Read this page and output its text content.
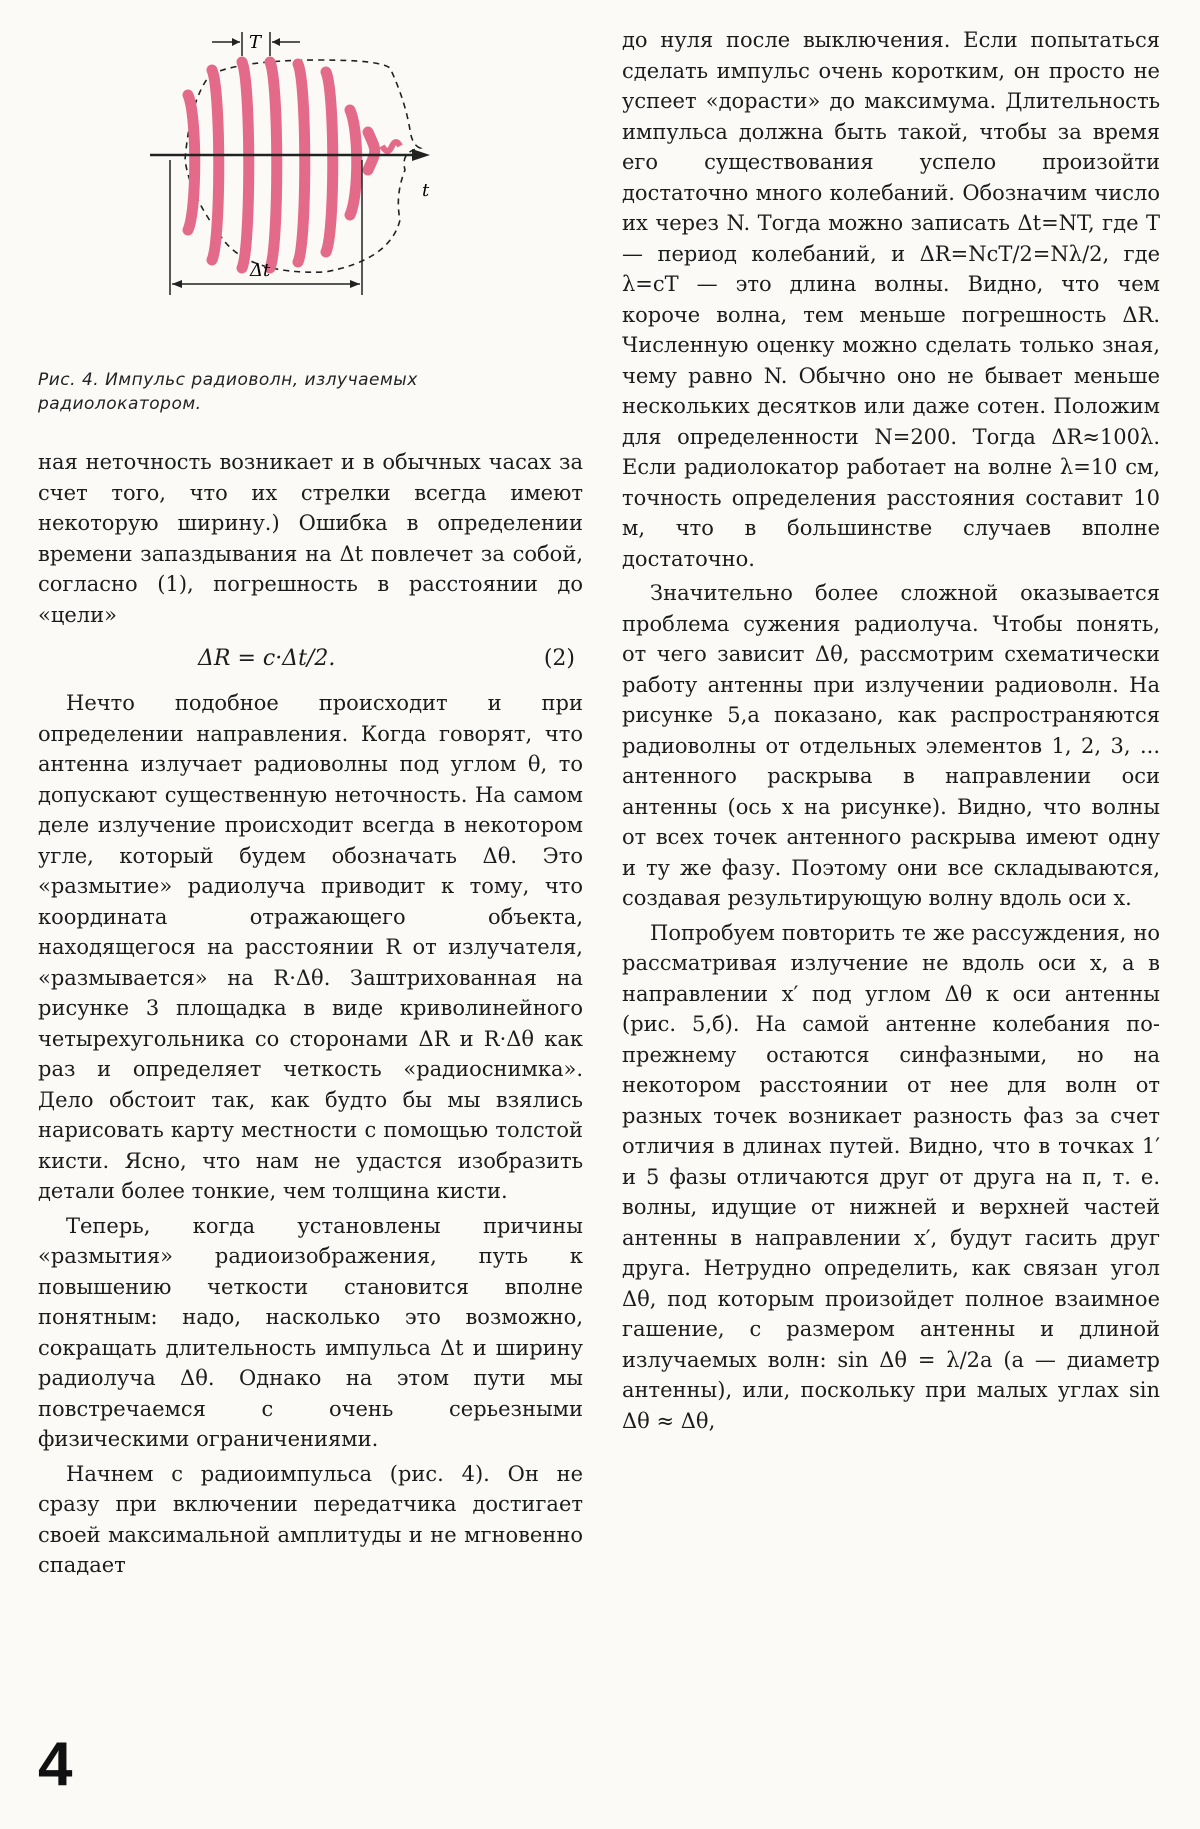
t
T
Δt
Рис. 4. Импульс радиоволн, излучаемых радиолокатором.

ная неточность возникает и в обычных часах за счет того, что их стрелки всегда имеют некоторую ширину.) Ошибка в определении времени запаздывания на Δt повлечет за собой, согласно (1), погрешность в расстоянии до «цели»

ΔR = c·Δt/2.	(2)

Нечто подобное происходит и при определении направления. Когда говорят, что антенна излучает радиоволны под углом θ, то допускают существенную неточность. На самом деле излучение происходит всегда в некотором угле, который будем обозначать Δθ. Это «размытие» радиолуча приводит к тому, что координата отражающего объекта, находящегося на расстоянии R от излучателя, «размывается» на R·Δθ. Заштрихованная на рисунке 3 площадка в виде криволинейного четырехугольника со сторонами ΔR и R·Δθ как раз и определяет четкость «радиоснимка». Дело обстоит так, как будто бы мы взялись нарисовать карту местности с помощью толстой кисти. Ясно, что нам не удастся изобразить детали более тонкие, чем толщина кисти.

Теперь, когда установлены причины «размытия» радиоизображения, путь к повышению четкости становится вполне понятным: надо, насколько это возможно, сокращать длительность импульса Δt и ширину радиолуча Δθ. Однако на этом пути мы повстречаемся с очень серьезными физическими ограничениями.

Начнем с радиоимпульса (рис. 4). Он не сразу при включении передатчика достигает своей максимальной амплитуды и не мгновенно спадает

до нуля после выключения. Если попытаться сделать импульс очень коротким, он просто не успеет «дорасти» до максимума. Длительность импульса должна быть такой, чтобы за время его существования успело произойти достаточно много колебаний. Обозначим число их через N. Тогда можно записать Δt=NT, где T — период колебаний, и ΔR=NcT/2=Nλ/2, где λ=cT — это длина волны. Видно, что чем короче волна, тем меньше погрешность ΔR. Численную оценку можно сделать только зная, чему равно N. Обычно оно не бывает меньше нескольких десятков или даже сотен. Положим для определенности N=200. Тогда ΔR≈100λ. Если радиолокатор работает на волне λ=10 см, точность определения расстояния составит 10 м, что в большинстве случаев вполне достаточно.

Значительно более сложной оказывается проблема сужения радиолуча. Чтобы понять, от чего зависит Δθ, рассмотрим схематически работу антенны при излучении радиоволн. На рисунке 5,а показано, как распространяются радиоволны от отдельных элементов 1, 2, 3, ... антенного раскрыва в направлении оси антенны (ось x на рисунке). Видно, что волны от всех точек антенного раскрыва имеют одну и ту же фазу. Поэтому они все складываются, создавая результирующую волну вдоль оси x.

Попробуем повторить те же рассуждения, но рассматривая излучение не вдоль оси x, а в направлении x′ под углом Δθ к оси антенны (рис. 5,б). На самой антенне колебания по-прежнему остаются синфазными, но на некотором расстоянии от нее для волн от разных точек возникает разность фаз за счет отличия в длинах путей. Видно, что в точках 1′ и 5 фазы отличаются друг от друга на π, т. е. волны, идущие от нижней и верхней частей антенны в направлении x′, будут гасить друг друга. Нетрудно определить, как связан угол Δθ, под которым произойдет полное взаимное гашение, с размером антенны и длиной излучаемых волн: sin Δθ = λ/2a (a — диаметр антенны), или, поскольку при малых углах sin Δθ ≈ Δθ,

4
